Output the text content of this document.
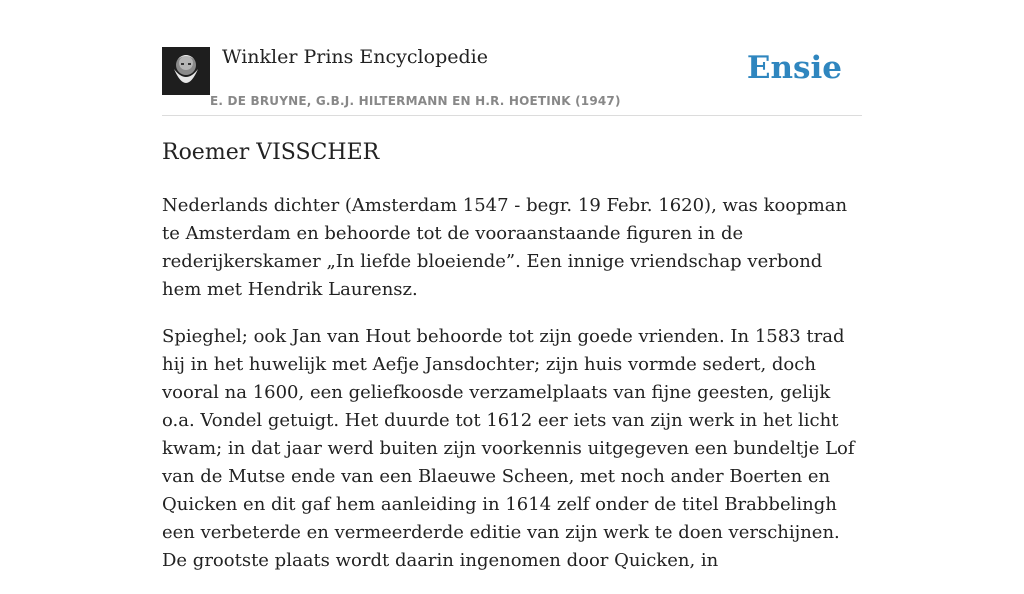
Winkler Prins Encyclopedie
E. DE BRUYNE, G.B.J. HILTERMANN EN H.R. HOETINK (1947)
Ensie
Roemer VISSCHER

Nederlands dichter (Amsterdam 1547 - begr. 19 Febr. 1620), was koopman te Amsterdam en behoorde tot de vooraanstaande figuren in de rederijkerskamer „In liefde bloeiende”. Een innige vriendschap verbond hem met Hendrik Laurensz.

Spieghel; ook Jan van Hout behoorde tot zijn goede vrienden. In 1583 trad hij in het huwelijk met Aefje Jansdochter; zijn huis vormde sedert, doch vooral na 1600, een geliefkoosde verzamelplaats van fijne geesten, gelijk o.a. Vondel getuigt. Het duurde tot 1612 eer iets van zijn werk in het licht kwam; in dat jaar werd buiten zijn voorkennis uitgegeven een bundeltje Lof van de Mutse ende van een Blaeuwe Scheen, met noch ander Boerten en Quicken en dit gaf hem aanleiding in 1614 zelf onder de titel Brabbelingh een verbeterde en vermeerderde editie van zijn werk te doen verschijnen. De grootste plaats wordt daarin ingenomen door Quicken, in
